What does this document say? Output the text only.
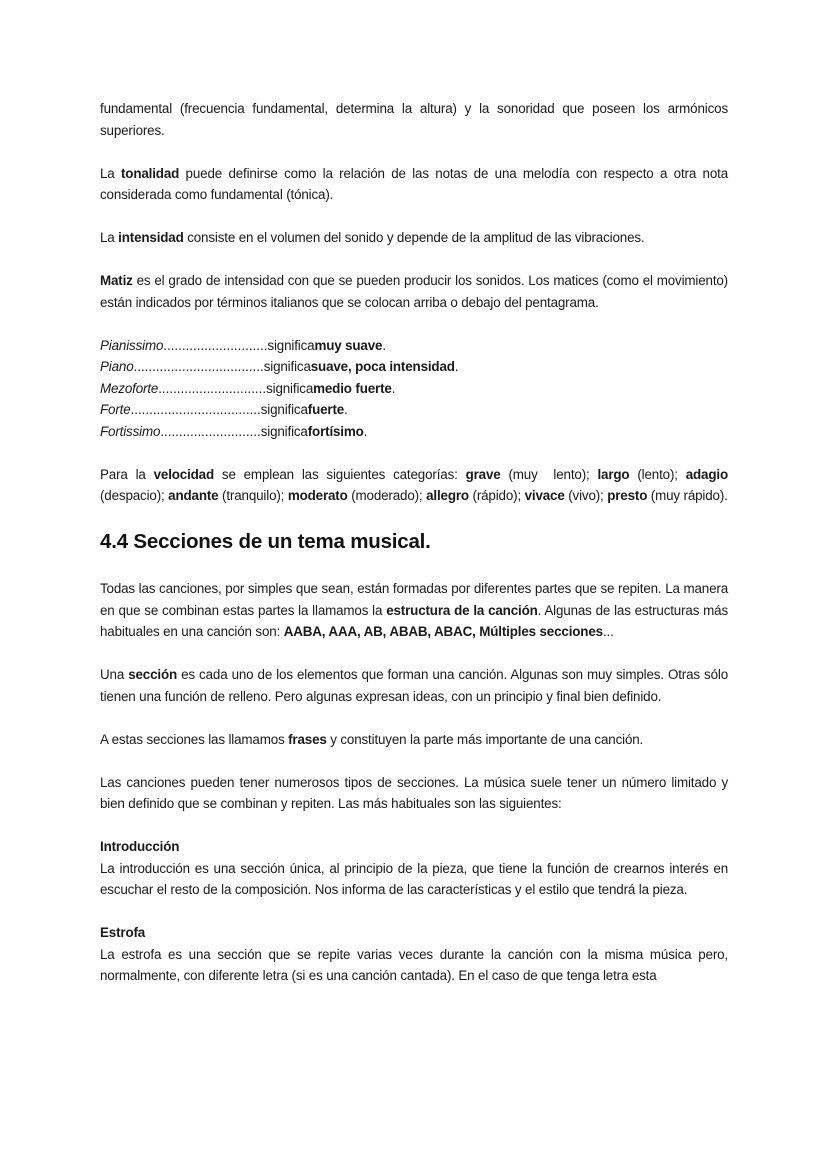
fundamental (frecuencia fundamental, determina la altura) y la sonoridad que poseen los armónicos superiores.

La tonalidad puede definirse como la relación de las notas de una melodía con respecto a otra nota considerada como fundamental (tónica).

La intensidad consiste en el volumen del sonido y depende de la amplitud de las vibraciones.

Matiz es el grado de intensidad con que se pueden producir los sonidos. Los matices (como el movimiento) están indicados por términos italianos que se colocan arriba o debajo del pentagrama.

Pianissimo ............................ significa muy suave .
Piano ................................... significa suave, poca intensidad .
Mezoforte ............................. significa medio fuerte .
Forte ................................... significa fuerte .
Fortissimo ........................... significa fortísimo .

Para la velocidad se emplean las siguientes categorías: grave (muy  lento); largo (lento); adagio (despacio); andante (tranquilo); moderato (moderado); allegro (rápido); vivace (vivo); presto (muy rápido).

4.4 Secciones de un tema musical.

Todas las canciones, por simples que sean, están formadas por diferentes partes que se repiten. La manera en que se combinan estas partes la llamamos la estructura de la canción. Algunas de las estructuras más habituales en una canción son: AABA, AAA, AB, ABAB, ABAC, Múltiples secciones...

Una sección es cada uno de los elementos que forman una canción. Algunas son muy simples. Otras sólo tienen una función de relleno. Pero algunas expresan ideas, con un principio y final bien definido.

A estas secciones las llamamos frases y constituyen la parte más importante de una canción.

Las canciones pueden tener numerosos tipos de secciones. La música suele tener un número limitado y bien definido que se combinan y repiten. Las más habituales son las siguientes:

Introducción

La introducción es una sección única, al principio de la pieza, que tiene la función de crearnos interés en escuchar el resto de la composición. Nos informa de las características y el estilo que tendrá la pieza.

Estrofa

La estrofa es una sección que se repite varias veces durante la canción con la misma música pero, normalmente, con diferente letra (si es una canción cantada). En el caso de que tenga letra esta
